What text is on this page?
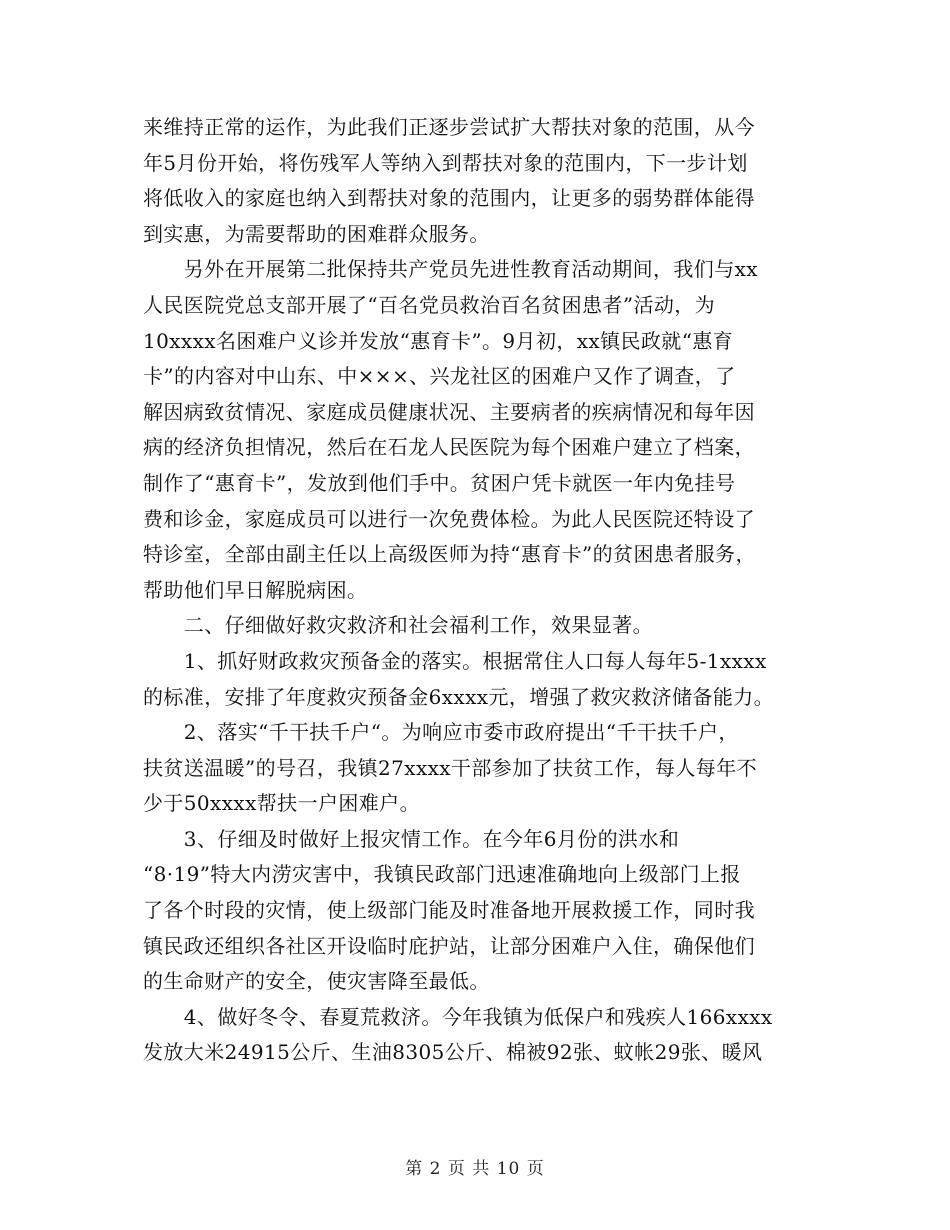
来维持正常的运作，为此我们正逐步尝试扩大帮扶对象的范围，从今
年5月份开始，将伤残军人等纳入到帮扶对象的范围内，下一步计划
将低收入的家庭也纳入到帮扶对象的范围内，让更多的弱势群体能得
到实惠，为需要帮助的困难群众服务。
　　另外在开展第二批保持共产党员先进性教育活动期间，我们与xx
人民医院党总支部开展了“百名党员救治百名贫困患者”活动，为
10xxxx名困难户义诊并发放“惠育卡”。9月初，xx镇民政就“惠育
卡”的内容对中山东、中×××、兴龙社区的困难户又作了调查，了
解因病致贫情况、家庭成员健康状况、主要病者的疾病情况和每年因
病的经济负担情况，然后在石龙人民医院为每个困难户建立了档案，
制作了“惠育卡”，发放到他们手中。贫困户凭卡就医一年内免挂号
费和诊金，家庭成员可以进行一次免费体检。为此人民医院还特设了
特诊室，全部由副主任以上高级医师为持“惠育卡”的贫困患者服务，
帮助他们早日解脱病困。
　　二、仔细做好救灾救济和社会福利工作，效果显著。
　　1、抓好财政救灾预备金的落实。根据常住人口每人每年5-1xxxx
的标准，安排了年度救灾预备金6xxxx元，增强了救灾救济储备能力。
　　2、落实“千干扶千户“。为响应市委市政府提出“千干扶千户，
扶贫送温暖”的号召，我镇27xxxx干部参加了扶贫工作，每人每年不
少于50xxxx帮扶一户困难户。
　　3、仔细及时做好上报灾情工作。在今年6月份的洪水和
“8·19”特大内涝灾害中，我镇民政部门迅速准确地向上级部门上报
了各个时段的灾情，使上级部门能及时准备地开展救援工作，同时我
镇民政还组织各社区开设临时庇护站，让部分困难户入住，确保他们
的生命财产的安全，使灾害降至最低。
　　4、做好冬令、春夏荒救济。今年我镇为低保户和残疾人166xxxx
发放大米24915公斤、生油8305公斤、棉被92张、蚊帐29张、暖风
第 2 页 共 10 页
